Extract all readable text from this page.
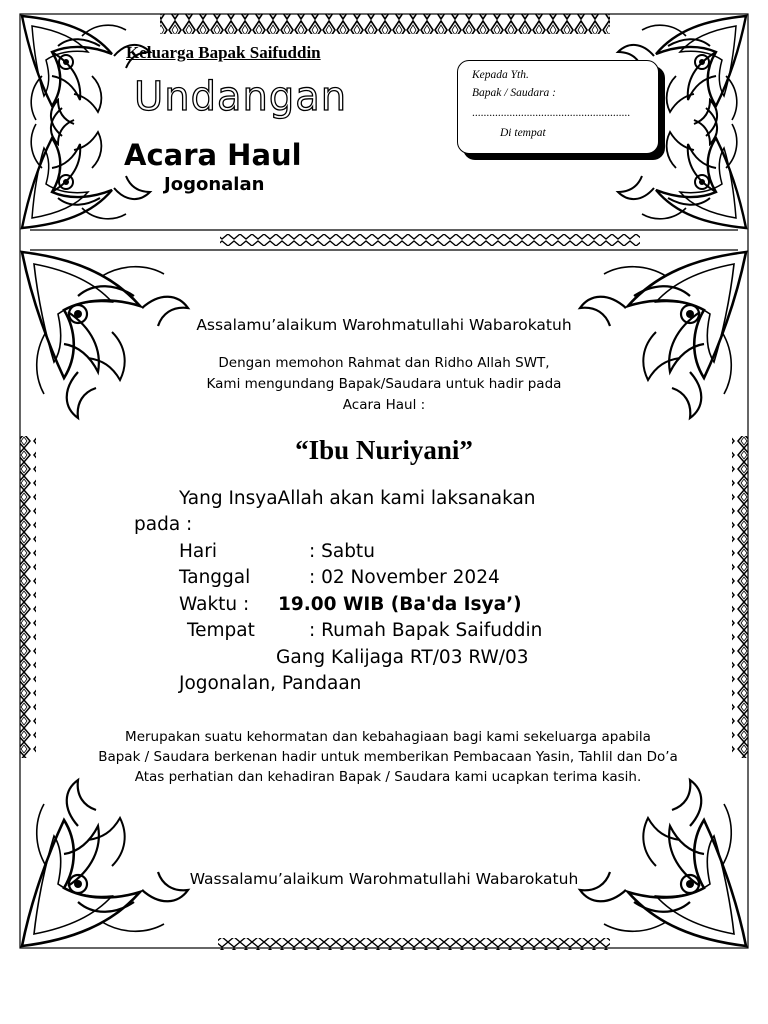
Keluarga Bapak Saifuddin
Undangan
Acara Haul
Jogonalan
Kepada Yth.
Bapak / Saudara :
.......................................................
Di tempat
Assalamu’alaikum Warohmatullahi Wabarokatuh
Dengan memohon Rahmat dan Ridho Allah SWT,
Kami mengundang Bapak/Saudara untuk hadir pada
Acara Haul :
“Ibu Nuriyani”
Yang InsyaAllah akan kami laksanakan
pada :
Hari	: Sabtu
Tanggal	: 02 November 2024
Waktu : 19.00 WIB (Ba'da Isya’)
Tempat	: Rumah Bapak Saifuddin
Gang Kalijaga RT/03 RW/03
Jogonalan, Pandaan
Merupakan suatu kehormatan dan kebahagiaan bagi kami sekeluarga apabila
Bapak / Saudara berkenan hadir untuk memberikan Pembacaan Yasin, Tahlil dan Do’a
Atas perhatian dan kehadiran Bapak / Saudara kami ucapkan terima kasih.
Wassalamu’alaikum Warohmatullahi Wabarokatuh
